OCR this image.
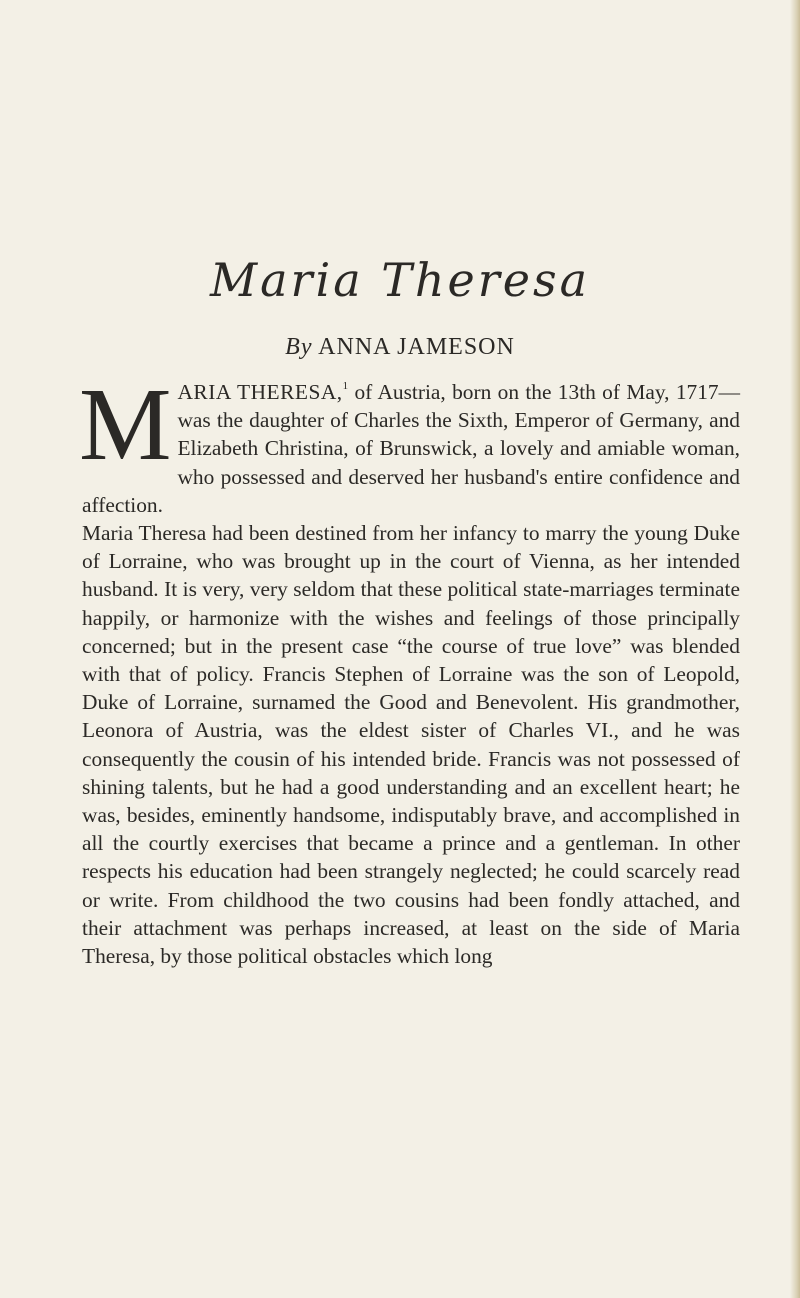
Maria Theresa
By ANNA JAMESON

MARIA THERESA,$^1$ of Austria, born on the 13th of May, 1717—was the daughter of Charles the Sixth, Emperor of Germany, and Elizabeth Christina, of Brunswick, a lovely and amiable woman, who possessed and deserved her husband's entire confidence and affection.

Maria Theresa had been destined from her infancy to marry the young Duke of Lorraine, who was brought up in the court of Vienna, as her intended husband. It is very, very seldom that these political state-marriages terminate happily, or harmonize with the wishes and feelings of those principally concerned; but in the present case “the course of true love” was blended with that of policy. Francis Stephen of Lorraine was the son of Leopold, Duke of Lorraine, surnamed the Good and Benevolent. His grandmother, Leonora of Austria, was the eldest sister of Charles VI., and he was consequently the cousin of his intended bride. Francis was not possessed of shining talents, but he had a good understanding and an excellent heart; he was, besides, eminently handsome, indisputably brave, and accomplished in all the courtly exercises that became a prince and a gentleman. In other respects his education had been strangely neglected; he could scarcely read or write. From childhood the two cousins had been fondly attached, and their attachment was perhaps increased, at least on the side of Maria Theresa, by those political obstacles which long
